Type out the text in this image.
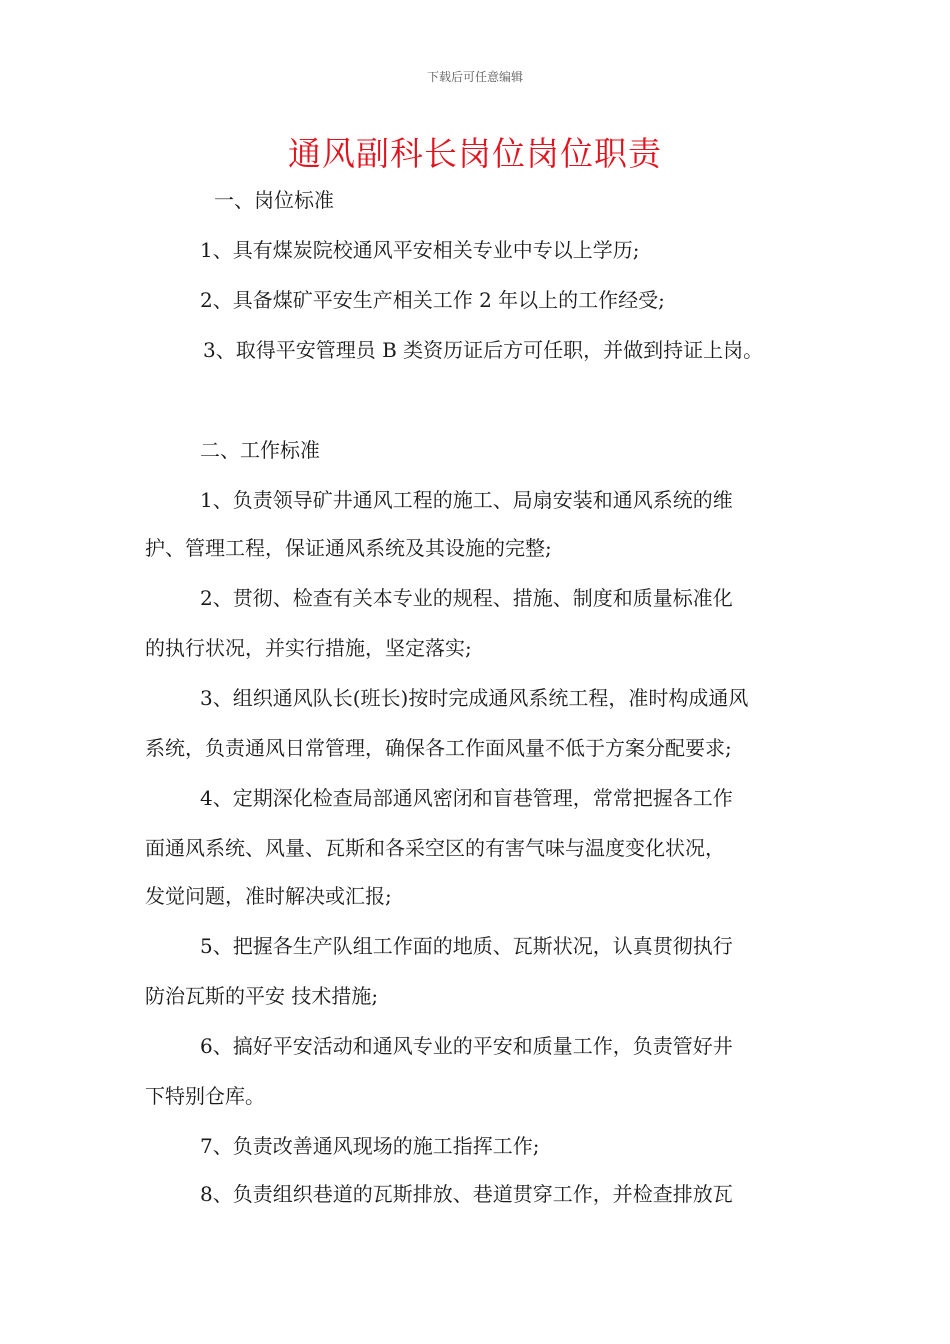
下载后可任意编辑
通风副科长岗位岗位职责
一、岗位标准
1、具有煤炭院校通风平安相关专业中专以上学历;
2、具备煤矿平安生产相关工作 2 年以上的工作经受;
3、取得平安管理员 B 类资历证后方可任职，并做到持证上岗。
二、工作标准
1、负责领导矿井通风工程的施工、局扇安装和通风系统的维
护、管理工程，保证通风系统及其设施的完整;
2、贯彻、检查有关本专业的规程、措施、制度和质量标准化
的执行状况，并实行措施，坚定落实;
3、组织通风队长(班长)按时完成通风系统工程，准时构成通风
系统，负责通风日常管理，确保各工作面风量不低于方案分配要求;
4、定期深化检查局部通风密闭和盲巷管理，常常把握各工作
面通风系统、风量、瓦斯和各采空区的有害气味与温度变化状况，
发觉问题，准时解决或汇报;
5、把握各生产队组工作面的地质、瓦斯状况，认真贯彻执行
防治瓦斯的平安 技术措施;
6、搞好平安活动和通风专业的平安和质量工作，负责管好井
下特别仓库。
7、负责改善通风现场的施工指挥工作;
8、负责组织巷道的瓦斯排放、巷道贯穿工作，并检查排放瓦
